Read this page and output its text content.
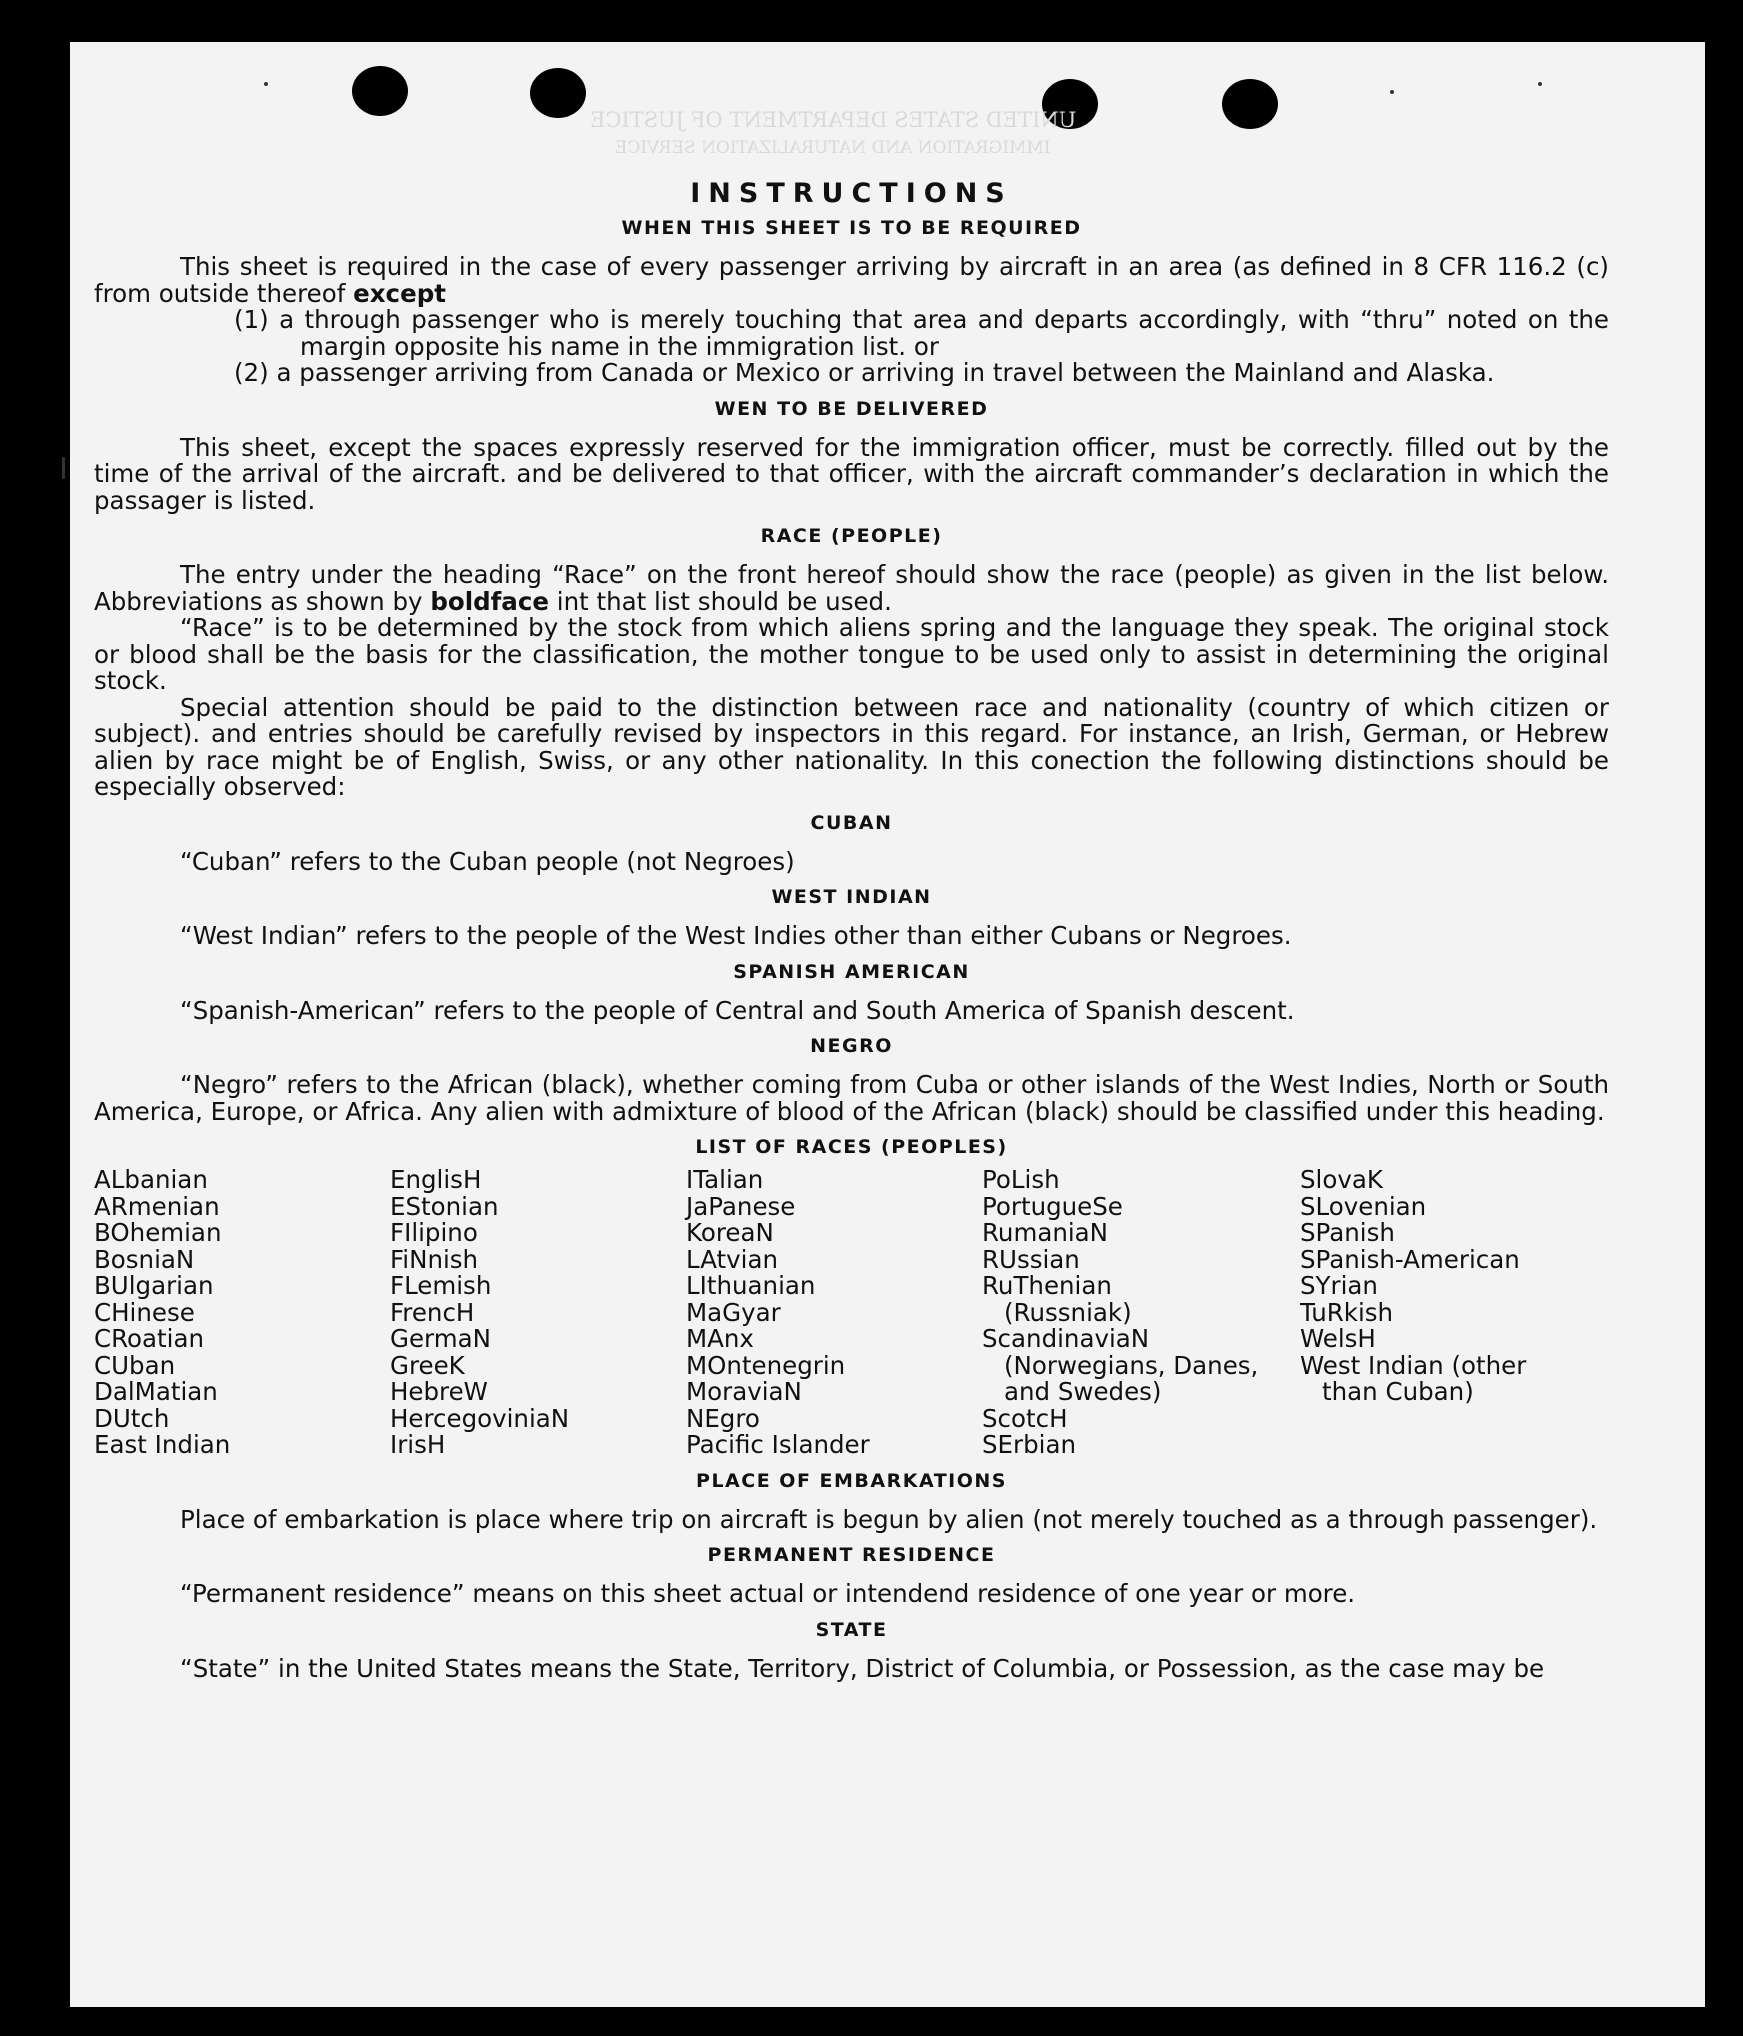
UNITED STATES DEPARTMENT OF JUSTICE
IMMIGRATION AND NATURALIZATION SERVICE
INSTRUCTIONS
WHEN THIS SHEET IS TO BE REQUIRED

This sheet is required in the case of every passenger arriving by aircraft in an area (as defined in 8 CFR 116.2 (c) from outside thereof except

(1) a through passenger who is merely touching that area and departs accordingly, with “thru” noted on the margin opposite his name in the immigration list. or

(2) a passenger arriving from Canada or Mexico or arriving in travel between the Mainland and Alaska.

WEN TO BE DELIVERED

This sheet, except the spaces expressly reserved for the immigration officer, must be correctly. filled out by the time of the arrival of the aircraft. and be delivered to that officer, with the aircraft commander’s declaration in which the passager is listed.

RACE (PEOPLE)

The entry under the heading “Race” on the front hereof should show the race (people) as given in the list below. Abbreviations as shown by boldface int that list should be used.

“Race” is to be determined by the stock from which aliens spring and the language they speak. The original stock or blood shall be the basis for the classification, the mother tongue to be used only to assist in determining the original stock.

Special attention should be paid to the distinction between race and nationality (country of which citizen or subject). and entries should be carefully revised by inspectors in this regard. For instance, an Irish, German, or Hebrew alien by race might be of English, Swiss, or any other nationality. In this conection the following distinctions should be especially observed:

CUBAN

“Cuban” refers to the Cuban people (not Negroes)

WEST INDIAN

“West Indian” refers to the people of the West Indies other than either Cubans or Negroes.

SPANISH AMERICAN

“Spanish-American” refers to the people of Central and South America of Spanish descent.

NEGRO

“Negro” refers to the African (black), whether coming from Cuba or other islands of the West Indies, North or South America, Europe, or Africa. Any alien with admixture of blood of the African (black) should be classified under this heading.

LIST OF RACES (PEOPLES)
ALbanian
ARmenian
BOhemian
BosniaN
BUlgarian
CHinese
CRoatian
CUban
DalMatian
DUtch
East Indian
EnglisH
EStonian
FIlipino
FiNnish
FLemish
FrencH
GermaN
GreeK
HebreW
HercegoviniaN
IrisH
ITalian
JaPanese
KoreaN
LAtvian
LIthuanian
MaGyar
MAnx
MOntenegrin
MoraviaN
NEgro
Pacific Islander
PoLish
PortugueSe
RumaniaN
RUssian
RuThenian (Russniak)
ScandinaviaN (Norwegians, Danes, and Swedes)
ScotcH
SErbian
SlovaK
SLovenian
SPanish
SPanish-American
SYrian
TuRkish
WelsH
West Indian (other than Cuban)
PLACE OF EMBARKATIONS

Place of embarkation is place where trip on aircraft is begun by alien (not merely touched as a through passenger).

PERMANENT RESIDENCE

“Permanent residence” means on this sheet actual or intendend residence of one year or more.

STATE

“State” in the United States means the State, Territory, District of Columbia, or Possession, as the case may be
